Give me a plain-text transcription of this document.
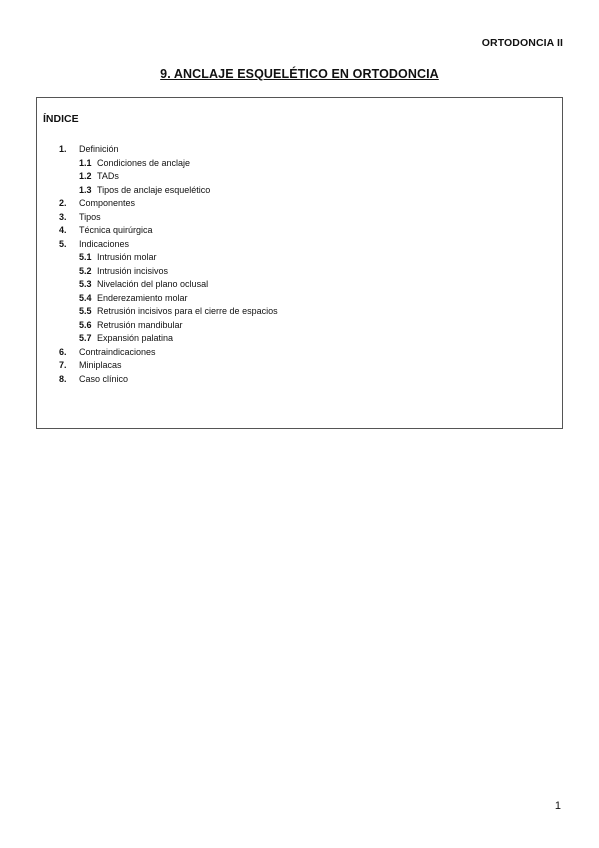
ORTODONCIA II
9. ANCLAJE ESQUELÉTICO EN ORTODONCIA
ÍNDICE
1. Definición
1.1 Condiciones de anclaje
1.2 TADs
1.3 Tipos de anclaje esquelético
2. Componentes
3. Tipos
4. Técnica quirúrgica
5. Indicaciones
5.1 Intrusión molar
5.2 Intrusión incisivos
5.3 Nivelación del plano oclusal
5.4 Enderezamiento molar
5.5 Retrusión incisivos para el cierre de espacios
5.6 Retrusión mandibular
5.7 Expansión palatina
6. Contraindicaciones
7. Miniplacas
8. Caso clínico
1
